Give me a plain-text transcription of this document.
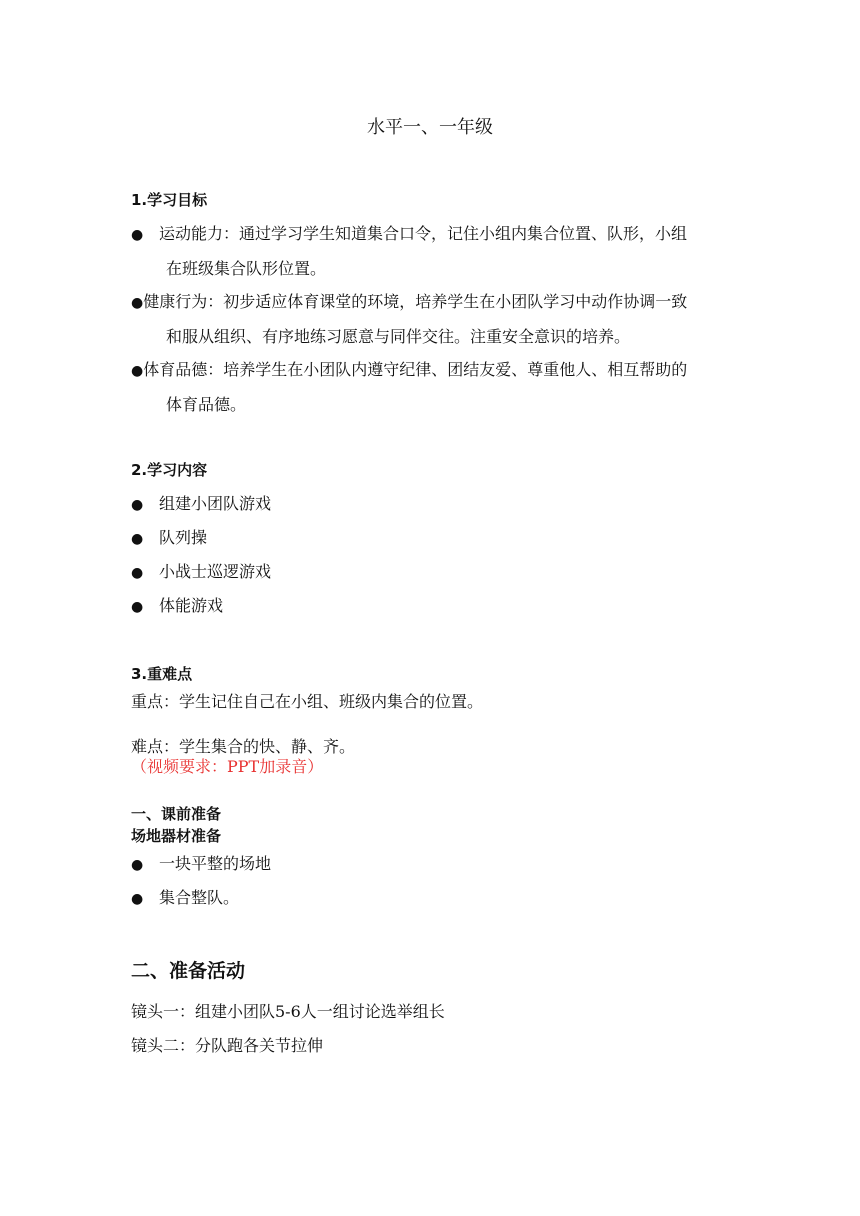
水平一、一年级
1.学习目标
● 运动能力：通过学习学生知道集合口令，记住小组内集合位置、队形，小组
在班级集合队形位置。
●健康行为：初步适应体育课堂的环境，培养学生在小团队学习中动作协调一致
和服从组织、有序地练习愿意与同伴交往。注重安全意识的培养。
●体育品德：培养学生在小团队内遵守纪律、团结友爱、尊重他人、相互帮助的
体育品德。
2.学习内容
● 组建小团队游戏
● 队列操
● 小战士巡逻游戏
● 体能游戏
3.重难点
重点：学生记住自己在小组、班级内集合的位置。
难点：学生集合的快、静、齐。
（视频要求：PPT加录音）
一、课前准备
场地器材准备
● 一块平整的场地
● 集合整队。
二、准备活动
镜头一：组建小团队5-6人一组讨论选举组长
镜头二：分队跑各关节拉伸
